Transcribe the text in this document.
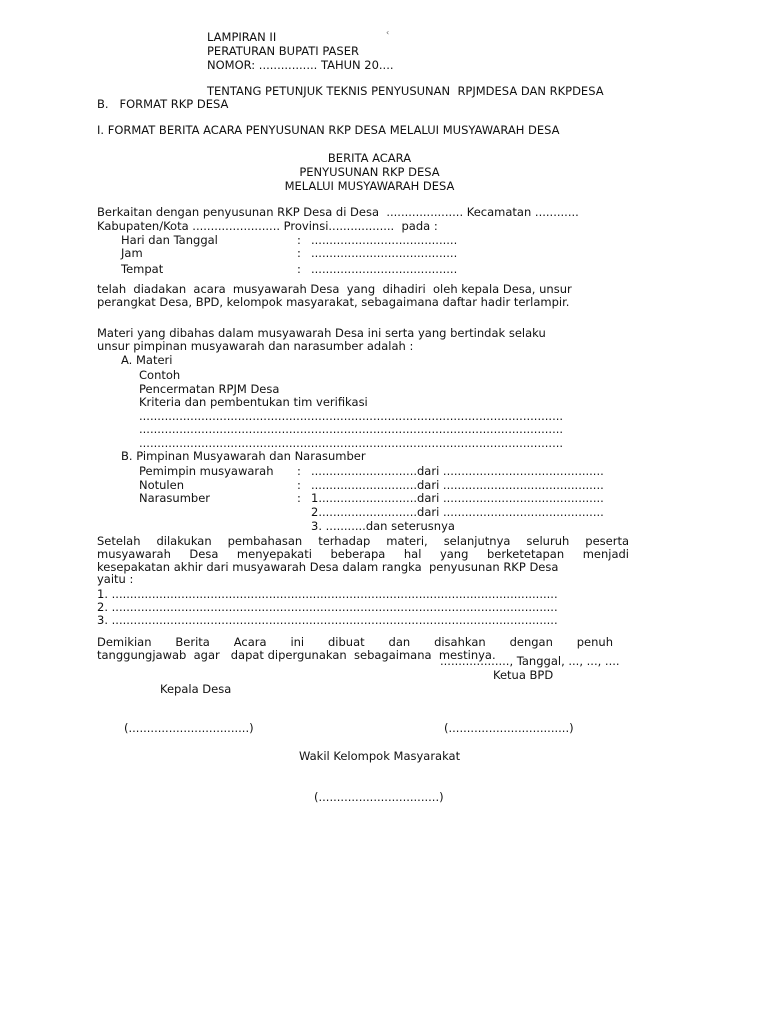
LAMPIRAN II	‹
PERATURAN BUPATI PASER
NOMOR: ................ TAHUN 20....
TENTANG PETUNJUK TEKNIS PENYUSUNAN  RPJMDESA DAN RKPDESA
B.   FORMAT RKP DESA
I. FORMAT BERITA ACARA PENYUSUNAN RKP DESA MELALUI MUSYAWARAH DESA
BERITA ACARA
PENYUSUNAN RKP DESA
MELALUI MUSYAWARAH DESA
Berkaitan dengan penyusunan RKP Desa di Desa  ..................... Kecamatan ............
Kabupaten/Kota ........................ Provinsi..................  pada :
Hari dan Tanggal	: ........................................
Jam	: ........................................
Tempat	: ........................................
telah  diadakan  acara  musyawarah Desa  yang  dihadiri  oleh kepala Desa, unsur
perangkat Desa, BPD, kelompok masyarakat, sebagaimana daftar hadir terlampir.
Materi yang dibahas dalam musyawarah Desa ini serta yang bertindak selaku
unsur pimpinan musyawarah dan narasumber adalah :
A. Materi
Contoh
Pencermatan RPJM Desa
Kriteria dan pembentukan tim verifikasi
....................................................................................................................
....................................................................................................................
....................................................................................................................
B. Pimpinan Musyawarah dan Narasumber
Pemimpin musyawarah : .............................dari ............................................
Notulen	: .............................dari ............................................
Narasumber	: 1...........................dari ............................................
2...........................dari ............................................
3. ...........dan seterusnya
Setelah dilakukan pembahasan terhadap materi, selanjutnya seluruh peserta
musyawarah Desa menyepakati beberapa hal yang berketetapan menjadi
kesepakatan akhir dari musyawarah Desa dalam rangka  penyusunan RKP Desa
yaitu :
1. ..........................................................................................................................
2. ..........................................................................................................................
3. ..........................................................................................................................
Demikian Berita Acara ini dibuat dan disahkan dengan penuh
tanggungjawab  agar   dapat dipergunakan  sebagaimana  mestinya.
..................., Tanggal, ..., ..., ....
Ketua BPD
Kepala Desa
(.................................)	(.................................)
Wakil Kelompok Masyarakat
(.................................)
